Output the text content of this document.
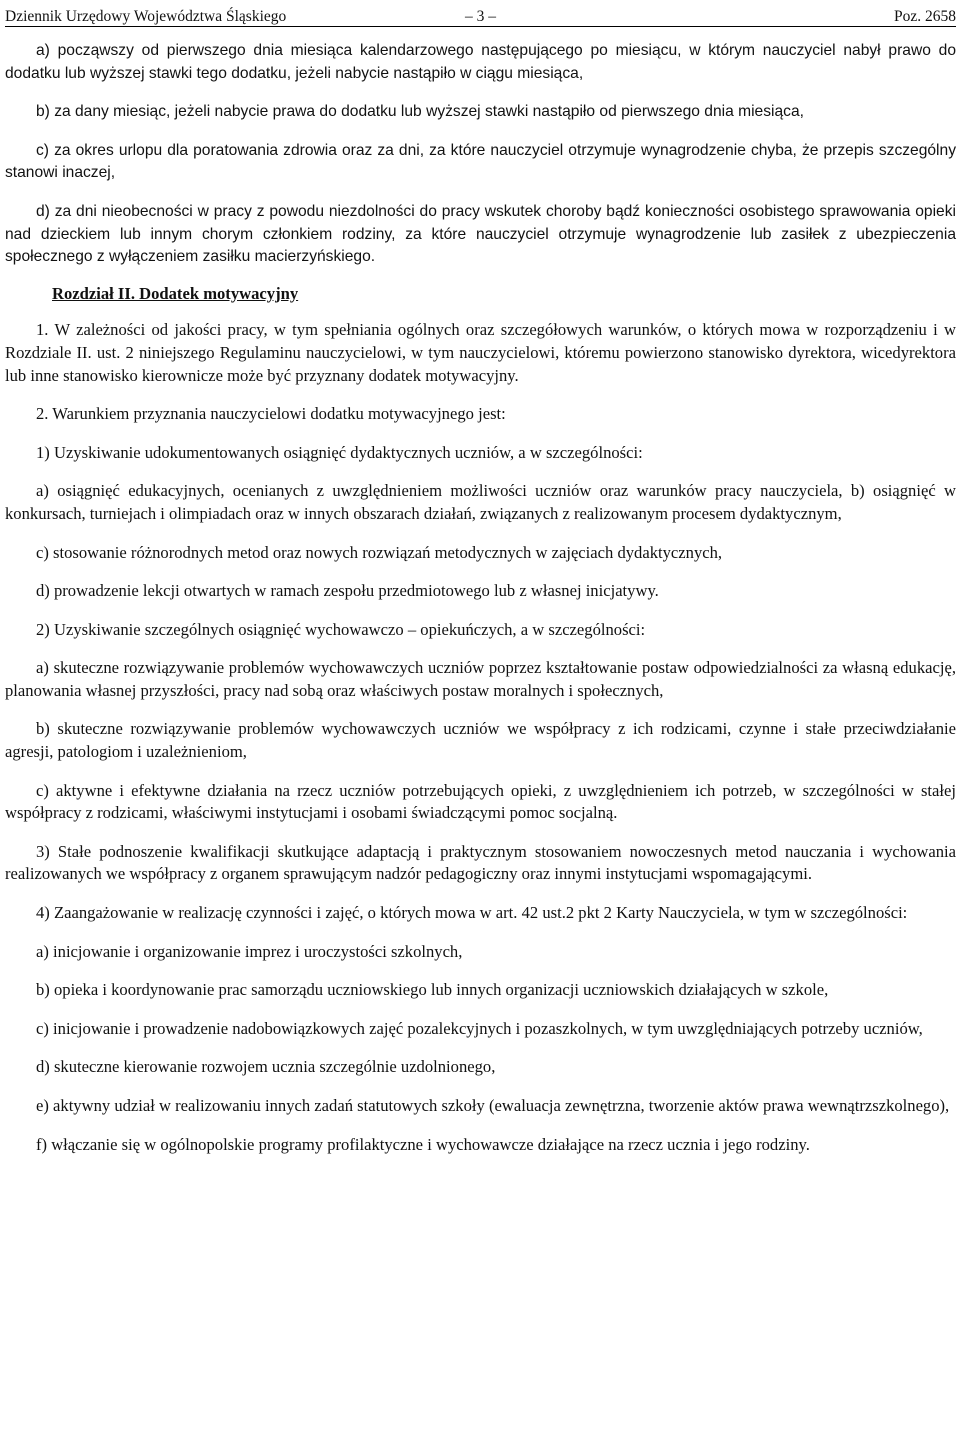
Dziennik Urzędowy Województwa Śląskiego	– 3 –	Poz. 2658

a) począwszy od pierwszego dnia miesiąca kalendarzowego następującego po miesiącu, w którym nauczyciel nabył prawo do dodatku lub wyższej stawki tego dodatku, jeżeli nabycie nastąpiło w ciągu miesiąca,

b) za dany miesiąc, jeżeli nabycie prawa do dodatku lub wyższej stawki nastąpiło od pierwszego dnia miesiąca,

c) za okres urlopu dla poratowania zdrowia oraz za dni, za które nauczyciel otrzymuje wynagrodzenie chyba, że przepis szczególny stanowi inaczej,

d) za dni nieobecności w pracy z powodu niezdolności do pracy wskutek choroby bądź konieczności osobistego sprawowania opieki nad dzieckiem lub innym chorym członkiem rodziny, za które nauczyciel otrzymuje wynagrodzenie lub zasiłek z ubezpieczenia społecznego z wyłączeniem zasiłku macierzyńskiego.

Rozdział II. Dodatek motywacyjny

1. W zależności od jakości pracy, w tym spełniania ogólnych oraz szczegółowych warunków, o których mowa w rozporządzeniu i w Rozdziale II. ust. 2 niniejszego Regulaminu nauczycielowi, w tym nauczycielowi, któremu powierzono stanowisko dyrektora, wicedyrektora lub inne stanowisko kierownicze może być przyznany dodatek motywacyjny.

2. Warunkiem przyznania nauczycielowi dodatku motywacyjnego jest:

1) Uzyskiwanie udokumentowanych osiągnięć dydaktycznych uczniów, a w szczególności:

a) osiągnięć edukacyjnych, ocenianych z uwzględnieniem możliwości uczniów oraz warunków pracy nauczyciela, b) osiągnięć w konkursach, turniejach i olimpiadach oraz w innych obszarach działań, związanych z realizowanym procesem dydaktycznym,

c) stosowanie różnorodnych metod oraz nowych rozwiązań metodycznych w zajęciach dydaktycznych,

d) prowadzenie lekcji otwartych w ramach zespołu przedmiotowego lub z własnej inicjatywy.

2) Uzyskiwanie szczególnych osiągnięć wychowawczo – opiekuńczych, a w szczególności:

a) skuteczne rozwiązywanie problemów wychowawczych uczniów poprzez kształtowanie postaw odpowiedzialności za własną edukację, planowania własnej przyszłości, pracy nad sobą oraz właściwych postaw moralnych i społecznych,

b) skuteczne rozwiązywanie problemów wychowawczych uczniów we współpracy z ich rodzicami, czynne i stałe przeciwdziałanie agresji, patologiom i uzależnieniom,

c) aktywne i efektywne działania na rzecz uczniów potrzebujących opieki, z uwzględnieniem ich potrzeb, w szczególności w stałej współpracy z rodzicami, właściwymi instytucjami i osobami świadczącymi pomoc socjalną.

3) Stałe podnoszenie kwalifikacji skutkujące adaptacją i praktycznym stosowaniem nowoczesnych metod nauczania i wychowania realizowanych we współpracy z organem sprawującym nadzór pedagogiczny oraz innymi instytucjami wspomagającymi.

4) Zaangażowanie w realizację czynności i zajęć, o których mowa w art. 42 ust.2 pkt 2 Karty Nauczyciela, w tym w szczególności:

a) inicjowanie i organizowanie imprez i uroczystości szkolnych,

b) opieka i koordynowanie prac samorządu uczniowskiego lub innych organizacji uczniowskich działających w szkole,

c) inicjowanie i prowadzenie nadobowiązkowych zajęć pozalekcyjnych i pozaszkolnych, w tym uwzględniających potrzeby uczniów,

d) skuteczne kierowanie rozwojem ucznia szczególnie uzdolnionego,

e) aktywny udział w realizowaniu innych zadań statutowych szkoły (ewaluacja zewnętrzna, tworzenie aktów prawa wewnątrzszkolnego),

f) włączanie się w ogólnopolskie programy profilaktyczne i wychowawcze działające na rzecz ucznia i jego rodziny.
